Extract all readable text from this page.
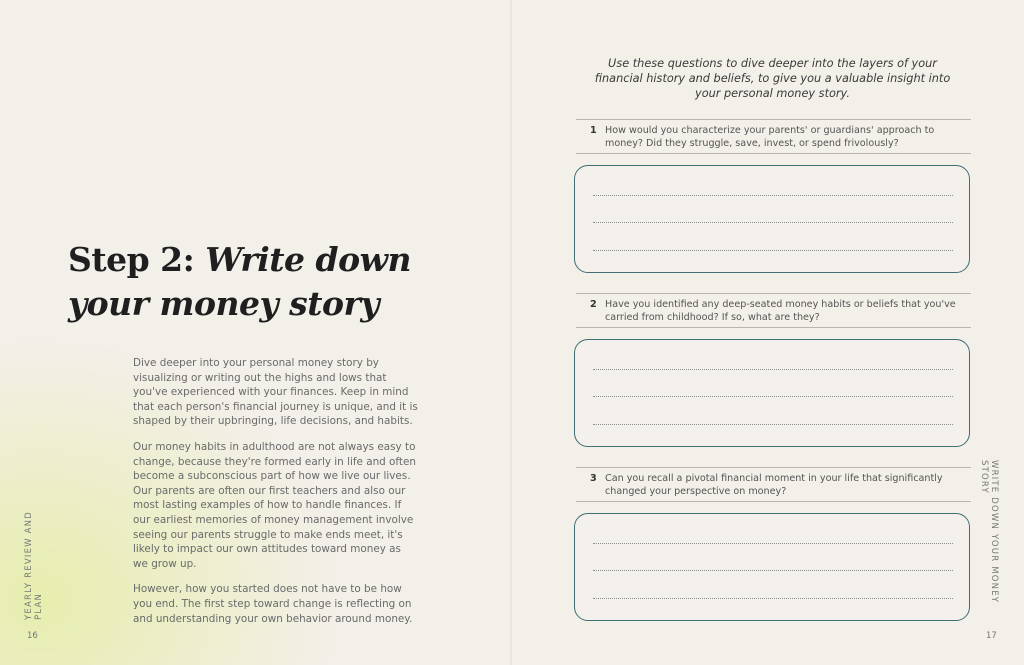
Step 2: Write down your money story

Dive deeper into your personal money story by visualizing or writing out the highs and lows that you've experienced with your finances. Keep in mind that each person's financial journey is unique, and it is shaped by their upbringing, life decisions, and habits.

Our money habits in adulthood are not always easy to change, because they're formed early in life and often become a subconscious part of how we live our lives. Our parents are often our first teachers and also our most lasting examples of how to handle finances. If our earliest memories of money management involve seeing our parents struggle to make ends meet, it's likely to impact our own attitudes toward money as we grow up.

However, how you started does not have to be how you end. The first step toward change is reflecting on and understanding your own behavior around money.

YEARLY REVIEW AND PLAN
16
Use these questions to dive deeper into the layers of your financial history and beliefs, to give you a valuable insight into your personal money story.
1 How would you characterize your parents' or guardians' approach to money? Did they struggle, save, invest, or spend frivolously?
2 Have you identified any deep-seated money habits or beliefs that you've carried from childhood? If so, what are they?
3 Can you recall a pivotal financial moment in your life that significantly changed your perspective on money?	WRITE DOWN YOUR MONEY STORY
17
